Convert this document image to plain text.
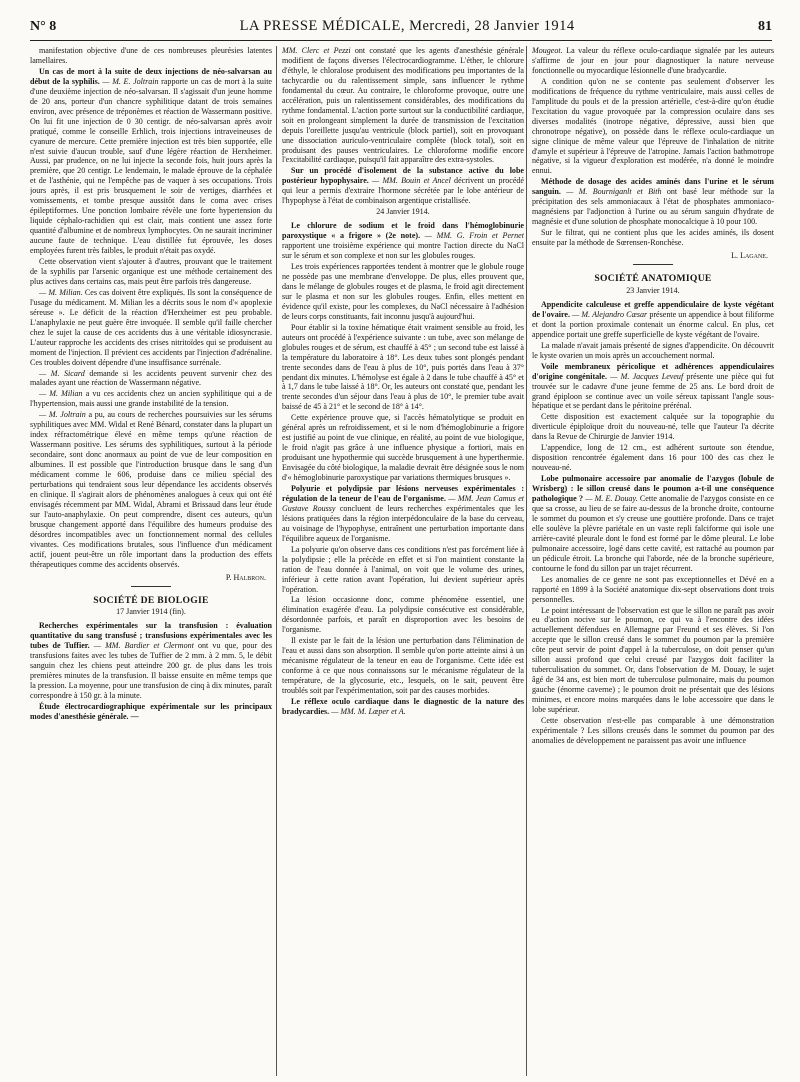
N° 8	LA PRESSE MÉDICALE, Mercredi, 28 Janvier 1914	81

manifestation objective d'une de ces nombreuses pleurésies latentes lamellaires.

Un cas de mort à la suite de deux injections de néo-salvarsan au début de la syphilis. — M. E. Joltrain rapporte un cas de mort à la suite d'une deuxième injection de néo-salvarsan. Il s'agissait d'un jeune homme de 20 ans, porteur d'un chancre syphilitique datant de trois semaines environ, avec présence de tréponèmes et réaction de Wassermann positive. On lui fit une injection de 0 30 centigr. de néo-salvarsan après avoir pratiqué, comme le conseille Erhlich, trois injections intraveineuses de cyanure de mercure. Cette première injection est très bien supportée, elle n'est suivie d'aucun trouble, sauf d'une légère réaction de Herxheimer. Aussi, par prudence, on ne lui injecte la seconde fois, huit jours après la première, que 20 centigr. Le lendemain, le malade éprouve de la céphalée et de l'asthénie, qui ne l'empêche pas de vaquer à ses occupations. Trois jours après, il est pris brusquement le soir de vertiges, diarrhées et vomissements, et tombe presque aussitôt dans le coma avec crises épileptiformes. Une ponction lombaire révèle une forte hypertension du liquide céphalo-rachidien qui est clair, mais contient une assez forte quantité d'albumine et de nombreux lymphocytes. On ne saurait incriminer aucune faute de technique. L'eau distillée fut éprouvée, les doses employées furent très faibles, le produit n'était pas oxydé.

Cette observation vient s'ajouter à d'autres, prouvant que le traitement de la syphilis par l'arsenic organique est une méthode certainement des plus actives dans certains cas, mais peut être parfois très dangereuse.

— M. Milian. Ces cas doivent être expliqués. Ils sont la conséquence de l'usage du médicament. M. Milian les a décrits sous le nom d'« apoplexie séreuse ». Le déficit de la réaction d'Herxheimer est peu probable. L'anaphylaxie ne peut guère être invoquée. Il semble qu'il faille chercher chez le sujet la cause de ces accidents dus à une véritable idiosyncrasie. L'auteur rapproche les accidents des crises nitritoïdes qui se produisent au moment de l'injection. Il prévient ces accidents par l'injection d'adrénaline. Ces troubles doivent dépendre d'une insuffisance surrénale.

— M. Sicard demande si les accidents peuvent survenir chez des malades ayant une réaction de Wassermann négative.

— M. Milian a vu ces accidents chez un ancien syphilitique qui a de l'hypertension, mais aussi une grande instabilité de la tension.

— M. Joltrain a pu, au cours de recherches poursuivies sur les sérums syphilitiques avec MM. Widal et René Bénard, constater dans la plupart un index réfractométrique élevé en même temps qu'une réaction de Wassermann positive. Les sérums des syphilitiques, surtout à la période secondaire, sont donc anormaux au point de vue de leur composition en albumines. Il est possible que l'introduction brusque dans le sang d'un médicament comme le 606, produise dans ce milieu spécial des perturbations qui tendraient sous leur dépendance les accidents observés en clinique. Il s'agirait alors de phénomènes analogues à ceux qui ont été envisagés récemment par MM. Widal, Abrami et Brissaud dans leur étude sur l'auto-anaphylaxie. On peut comprendre, disent ces auteurs, qu'un brusque changement apporté dans l'équilibre des humeurs produise des désordres incompatibles avec un fonctionnement normal des cellules vivantes. Ces modifications brutales, sous l'influence d'un médicament actif, jouent peut-être un rôle important dans la production des effets thérapeutiques comme des accidents observés.

P. Halbron.

SOCIÉTÉ DE BIOLOGIE

17 Janvier 1914 (fin).

Recherches expérimentales sur la transfusion : évaluation quantitative du sang transfusé ; transfusions expérimentales avec les tubes de Tuffier. — MM. Bardier et Clermont ont vu que, pour des transfusions faites avec les tubes de Tuffier de 2 mm. à 2 mm. 5, le débit sanguin chez les chiens peut atteindre 200 gr. de plus dans les trois premières minutes de la transfusion. Il baisse ensuite en même temps que la pression. La moyenne, pour une transfusion de cinq à dix minutes, paraît correspondre à 150 gr. à la minute.

Étude électrocardiographique expérimentale sur les principaux modes d'anesthésie générale. —

MM. Clerc et Pezzi ont constaté que les agents d'anesthésie générale modifient de façons diverses l'électrocardiogramme. L'éther, le chlorure d'éthyle, le chloralose produisent des modifications peu importantes de la tachycardie ou du ralentissement simple, sans influencer le rythme fondamental du cœur. Au contraire, le chloroforme provoque, outre une accélération, puis un ralentissement considérables, des modifications du rythme fondamental. L'action porte surtout sur la conductibilité cardiaque, soit en prolongeant simplement la durée de transmission de l'excitation depuis l'oreillette jusqu'au ventricule (block partiel), soit en provoquant une dissociation auriculo-ventriculaire complète (block total), soit en produisant des pauses ventriculaires. Le chloroforme modifie encore l'excitabilité cardiaque, puisqu'il fait apparaître des extra-systoles.

Sur un procédé d'isolement de la substance active du lobe postérieur hypophysaire. — MM. Bouin et Ancel décrivent un procédé qui leur a permis d'extraire l'hormone sécrétée par le lobe antérieur de l'hypophyse à l'état de combinaison argentique cristallisée.

24 Janvier 1914.

Le chlorure de sodium et le froid dans l'hémoglobinurie paroxystique « a frigore » (2e note). — MM. G. Froin et Pernet rapportent une troisième expérience qui montre l'action directe du NaCl sur le sérum et son complexe et non sur les globules rouges.

Les trois expériences rapportées tendent à montrer que le globule rouge ne possède pas une membrane d'enveloppe. De plus, elles prouvent que, dans le mélange de globules rouges et de plasma, le froid agit directement sur le plasma et non sur les globules rouges. Enfin, elles mettent en évidence qu'il existe, pour les complexes, du NaCl nécessaire à l'adhésion de leurs corps constituants, fait inconnu jusqu'à aujourd'hui.

Pour établir si la toxine hématique était vraiment sensible au froid, les auteurs ont procédé à l'expérience suivante : un tube, avec son mélange de globules rouges et de sérum, est chauffé à 45° ; un second tube est laissé à la température du laboratoire à 18°. Les deux tubes sont plongés pendant trente secondes dans de l'eau à plus de 10°, puis portés dans l'eau à 37° pendant dix minutes. L'hémolyse est égale à 2 dans le tube chauffé à 45° et à 1,7 dans le tube laissé à 18°. Or, les auteurs ont constaté que, pendant les trente secondes d'un séjour dans l'eau à plus de 10°, le premier tube avait baissé de 45 à 21° et le second de 18° à 14°.

Cette expérience prouve que, si l'accès hématolytique se produit en général après un refroidissement, et si le nom d'hémoglobinurie a frigore est justifié au point de vue clinique, en réalité, au point de vue biologique, le froid n'agit pas grâce à une influence physique a fortiori, mais en produisant une hypothermie qui succède brusquement à une hyperthermie. Envisagée du côté biologique, la maladie devrait être désignée sous le nom d'« hémoglobinurie paroxystique par variations thermiques brusques ».

Polyurie et polydipsie par lésions nerveuses expérimentales : régulation de la teneur de l'eau de l'organisme. — MM. Jean Camus et Gustave Roussy concluent de leurs recherches expérimentales que les lésions pratiquées dans la région interpédonculaire de la base du cerveau, au voisinage de l'hypophyse, entraînent une perturbation importante dans l'équilibre aqueux de l'organisme.

La polyurie qu'on observe dans ces conditions n'est pas forcément liée à la polydipsie ; elle la précède en effet et si l'on maintient constante la ration de l'eau donnée à l'animal, on voit que le volume des urines, inférieur à cette ration avant l'opération, lui devient supérieur après l'opération.

La lésion occasionne donc, comme phénomène essentiel, une élimination exagérée d'eau. La polydipsie consécutive est considérable, désordonnée parfois, et paraît en disproportion avec les besoins de l'organisme.

Il existe par le fait de la lésion une perturbation dans l'élimination de l'eau et aussi dans son absorption. Il semble qu'on porte atteinte ainsi à un mécanisme régulateur de la teneur en eau de l'organisme. Cette idée est conforme à ce que nous connaissons sur le mécanisme régulateur de la température, de la glycosurie, etc., lesquels, on le sait, peuvent être troublés soit par l'expérimentation, soit par des causes morbides.

Le réflexe oculo cardiaque dans le diagnostic de la nature des bradycardies. — MM. M. Lœper et A.

Mougeot. La valeur du réflexe oculo-cardiaque signalée par les auteurs s'affirme de jour en jour pour diagnostiquer la nature nerveuse fonctionnelle ou myocardique lésionnelle d'une bradycardie.

A condition qu'on ne se contente pas seulement d'observer les modifications de fréquence du rythme ventriculaire, mais aussi celles de l'amplitude du pouls et de la pression artérielle, c'est-à-dire qu'on étudie l'excitation du vague provoquée par la compression oculaire dans ses diverses modalités (inotrope négative, dépressive, aussi bien que chronotrope négative), on possède dans le réflexe oculo-cardiaque un signe clinique de même valeur que l'épreuve de l'inhalation de nitrite d'amyle et supérieur à l'épreuve de l'atropine. Jamais l'action bathmotrope négative, si la vigueur d'exploration est modérée, n'a donné le moindre ennui.

Méthode de dosage des acides aminés dans l'urine et le sérum sanguin. — M. Bourniganlt et Bith ont basé leur méthode sur la précipitation des sels ammoniacaux à l'état de phosphates ammoniaco-magnésiens par l'adjonction à l'urine ou au sérum sanguin d'hydrate de magnésie et d'une solution de phosphate monocalcique à 10 pour 100.

Sur le filtrat, qui ne contient plus que les acides aminés, ils dosent ensuite par la méthode de Sœrensen-Ronchèse.

L. Lagane.

SOCIÉTÉ ANATOMIQUE

23 Janvier 1914.

Appendicite calculeuse et greffe appendiculaire de kyste végétant de l'ovaire. — M. Alejandro Cæsar présente un appendice à bout filiforme et dont la portion proximale contenait un énorme calcul. En plus, cet appendice portait une greffe superficielle de kyste végétant de l'ovaire.

La malade n'avait jamais présenté de signes d'appendicite. On découvrit le kyste ovarien un mois après un accouchement normal.

Voile membraneux péricolique et adhérences appendiculaires d'origine congénitale. — M. Jacques Leveuf présente une pièce qui fut trouvée sur le cadavre d'une jeune femme de 25 ans. Le bord droit de grand épiploon se continue avec un voile séreux tapissant l'angle sous-hépatique et se perdant dans le péritoine prérénal.

Cette disposition est exactement calquée sur la topographie du diverticule épiploïque droit du nouveau-né, telle que l'auteur l'a décrite dans la Revue de Chirurgie de Janvier 1914.

L'appendice, long de 12 cm., est adhérent surtoute son étendue, disposition rencontrée également dans 16 pour 100 des cas chez le nouveau-né.

Lobe pulmonaire accessoire par anomalie de l'azygos (lobule de Wrisberg) : le sillon creusé dans le poumon a-t-il une conséquence pathologique ? — M. E. Douay. Cette anomalie de l'azygos consiste en ce que sa crosse, au lieu de se faire au-dessus de la bronche droite, contourne le sommet du poumon et s'y creuse une gouttière profonde. Dans ce trajet elle soulève la plèvre pariétale en un vaste repli falciforme qui isole une arrière-cavité pleurale dont le fond est formé par le dôme pleural. Le lobe pulmonaire accessoire, logé dans cette cavité, est rattaché au poumon par un pédicule étroit. La bronche qui l'aborde, née de la bronche supérieure, contourne le fond du sillon par un trajet récurrent.

Les anomalies de ce genre ne sont pas exceptionnelles et Dévé en a rapporté en 1899 à la Société anatomique dix-sept observations dont trois personnelles.

Le point intéressant de l'observation est que le sillon ne paraît pas avoir eu d'action nocive sur le poumon, ce qui va à l'encontre des idées actuellement défendues en Allemagne par Freund et ses élèves. Si l'on accepte que le sillon creusé dans le sommet du poumon par la première côte peut servir de point d'appel à la tuberculose, on doit penser qu'un sillon aussi profond que celui creusé par l'azygos doit faciliter la tuberculisation du sommet. Or, dans l'observation de M. Douay, le sujet âgé de 34 ans, est bien mort de tuberculose pulmonaire, mais du poumon gauche (énorme caverne) ; le poumon droit ne présentait que des lésions minimes, et encore moins marquées dans le lobe accessoire que dans le lobe supérieur.

Cette observation n'est-elle pas comparable à une démonstration expérimentale ? Les sillons creusés dans le sommet du poumon par des anomalies de développement ne paraissent pas avoir une influence
